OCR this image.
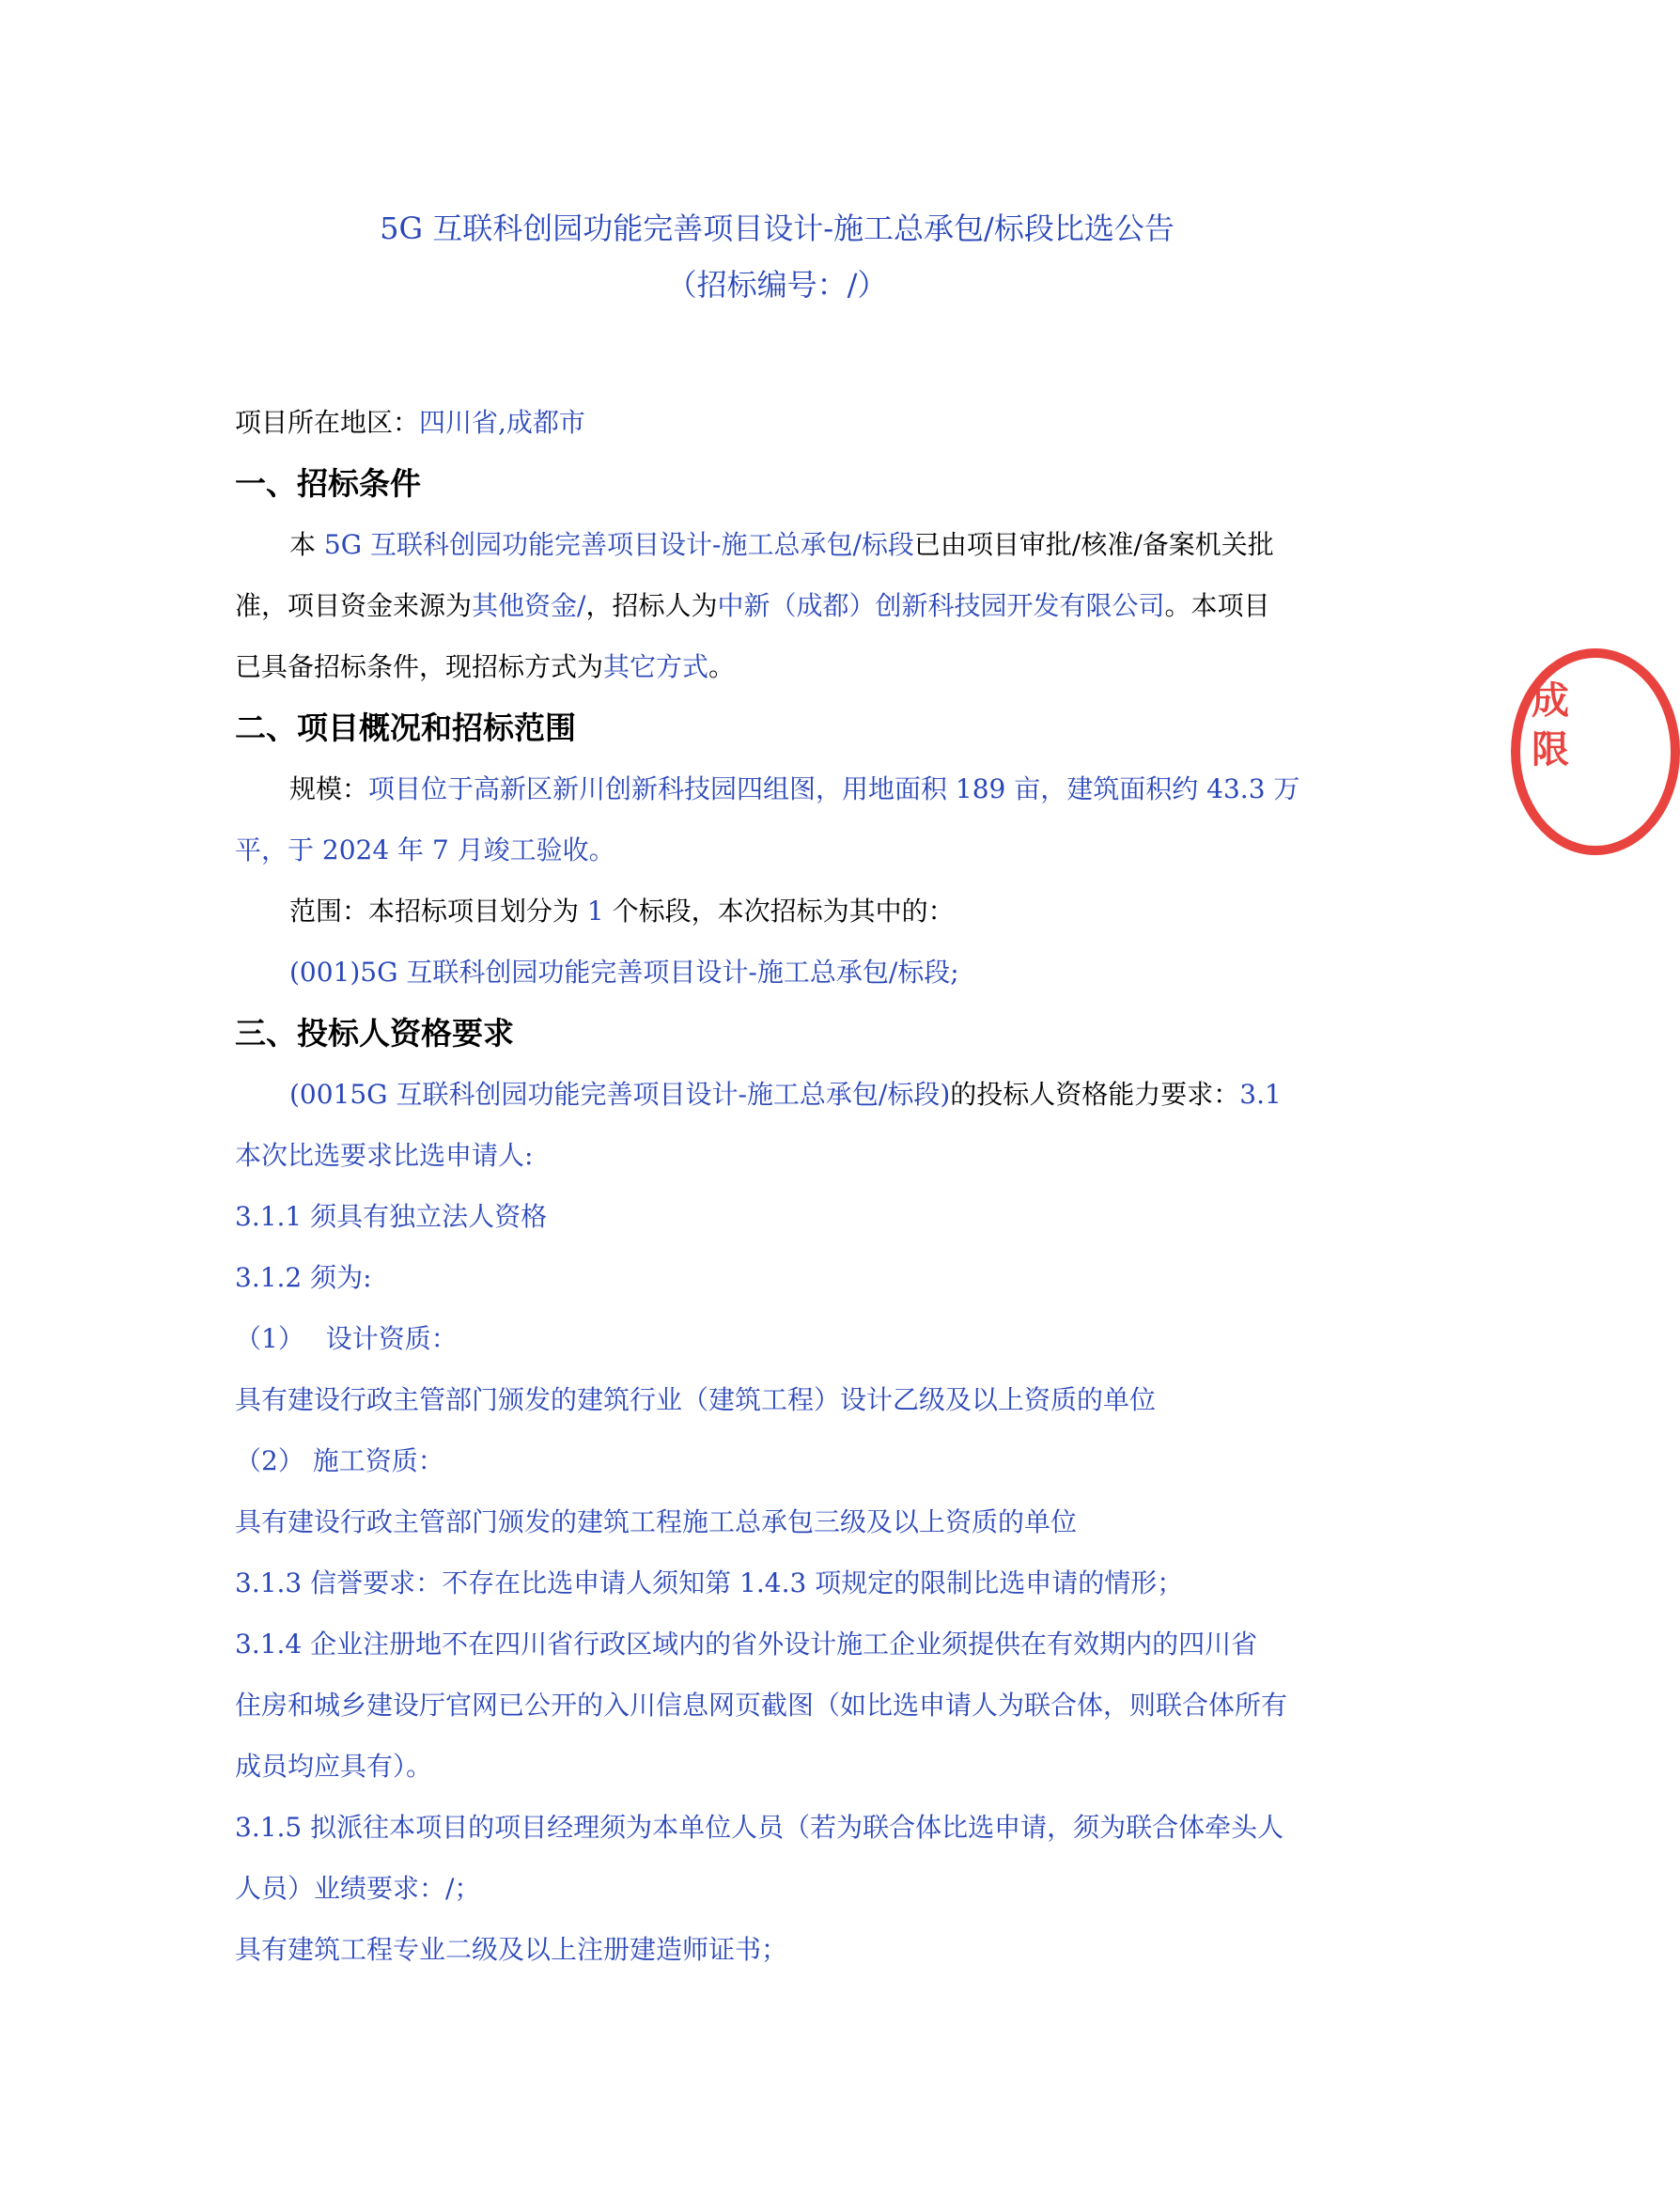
5G 互联科创园功能完善项目设计-施工总承包/标段比选公告
（招标编号：/）
项目所在地区：四川省,成都市
一、招标条件
本 5G 互联科创园功能完善项目设计-施工总承包/标段已由项目审批/核准/备案机关批
准，项目资金来源为其他资金/，招标人为中新（成都）创新科技园开发有限公司。本项目
已具备招标条件，现招标方式为其它方式。
二、项目概况和招标范围
规模：项目位于高新区新川创新科技园四组图，用地面积 189 亩，建筑面积约 43.3 万
平，于 2024 年 7 月竣工验收。
范围：本招标项目划分为 1 个标段，本次招标为其中的：
(001)5G 互联科创园功能完善项目设计-施工总承包/标段;
三、投标人资格要求
(0015G 互联科创园功能完善项目设计-施工总承包/标段)的投标人资格能力要求：3.1
本次比选要求比选申请人:
3.1.1 须具有独立法人资格
3.1.2 须为:
（1）　 设计资质：
具有建设行政主管部门颁发的建筑行业（建筑工程）设计乙级及以上资质的单位
（2） 施工资质：
具有建设行政主管部门颁发的建筑工程施工总承包三级及以上资质的单位
3.1.3 信誉要求：不存在比选申请人须知第 1.4.3 项规定的限制比选申请的情形；
3.1.4 企业注册地不在四川省行政区域内的省外设计施工企业须提供在有效期内的四川省
住房和城乡建设厅官网已公开的入川信息网页截图（如比选申请人为联合体，则联合体所有
成员均应具有）。
3.1.5 拟派往本项目的项目经理须为本单位人员（若为联合体比选申请，须为联合体牵头人
人员）业绩要求：/；
具有建筑工程专业二级及以上注册建造师证书；
成
限
